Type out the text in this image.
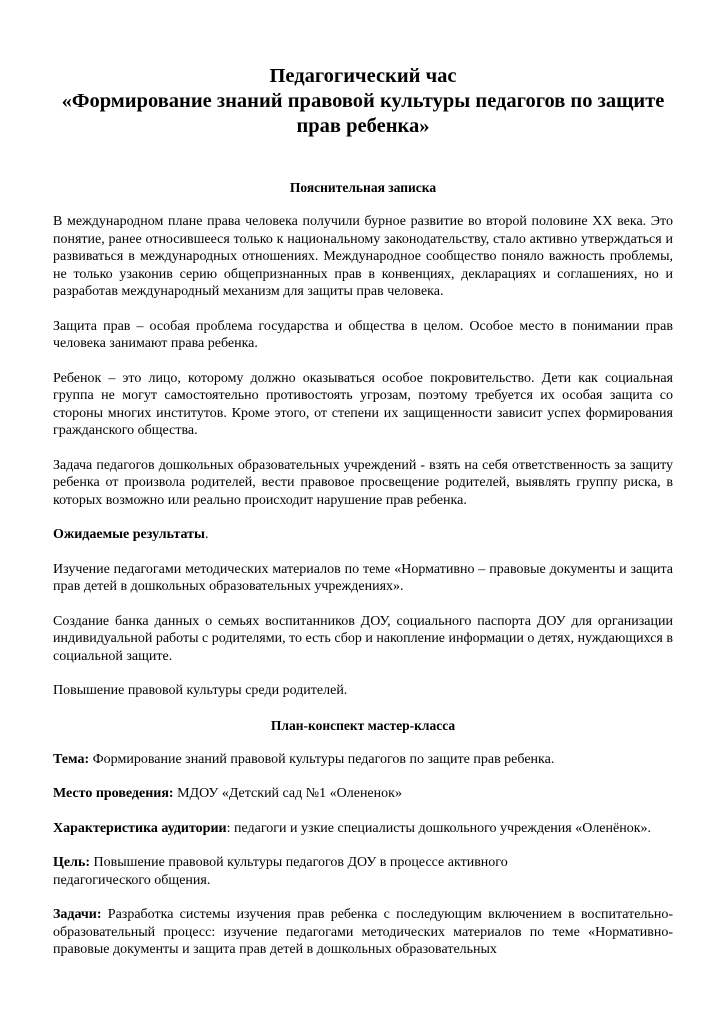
Педагогический час

«Формирование знаний правовой культуры педагогов по защите

прав ребенка»

Пояснительная записка

В международном плане права человека получили бурное развитие во второй половине XX века. Это понятие, ранее относившееся только к национальному законодательству, стало активно утверждаться и развиваться в международных отношениях. Международное сообщество поняло важность проблемы, не только узаконив серию общепризнанных прав в конвенциях, декларациях и соглашениях, но и разработав международный механизм для защиты прав человека.

Защита прав – особая проблема государства и общества в целом. Особое место в понимании прав человека занимают права ребенка.

Ребенок – это лицо, которому должно оказываться особое покровительство. Дети как социальная группа не могут самостоятельно противостоять угрозам, поэтому требуется их особая защита со стороны многих институтов. Кроме этого, от степени их защищенности зависит успех формирования гражданского общества.

Задача педагогов дошкольных образовательных учреждений - взять на себя ответственность за защиту ребенка от произвола родителей, вести правовое просвещение родителей, выявлять группу риска, в которых возможно или реально происходит нарушение прав ребенка.

Ожидаемые результаты.

Изучение педагогами методических материалов по теме «Нормативно – правовые документы и защита прав детей в дошкольных образовательных учреждениях».

Создание банка данных о семьях воспитанников ДОУ, социального паспорта ДОУ для организации индивидуальной работы с родителями, то есть сбор и накопление информации о детях, нуждающихся в социальной защите.

Повышение правовой культуры среди родителей.

План-конспект мастер-класса

Тема: Формирование знаний правовой культуры педагогов по защите прав ребенка.

Место проведения: МДОУ «Детский сад №1 «Олененок»

Характеристика аудитории: педагоги и узкие специалисты дошкольного учреждения «Оленёнок».

Цель: Повышение правовой культуры педагогов ДОУ в процессе активного
педагогического общения.

Задачи: Разработка системы изучения прав ребенка с последующим включением в воспитательно-образовательный процесс: изучение педагогами методических материалов по теме «Нормативно-правовые документы и защита прав детей в дошкольных образовательных
